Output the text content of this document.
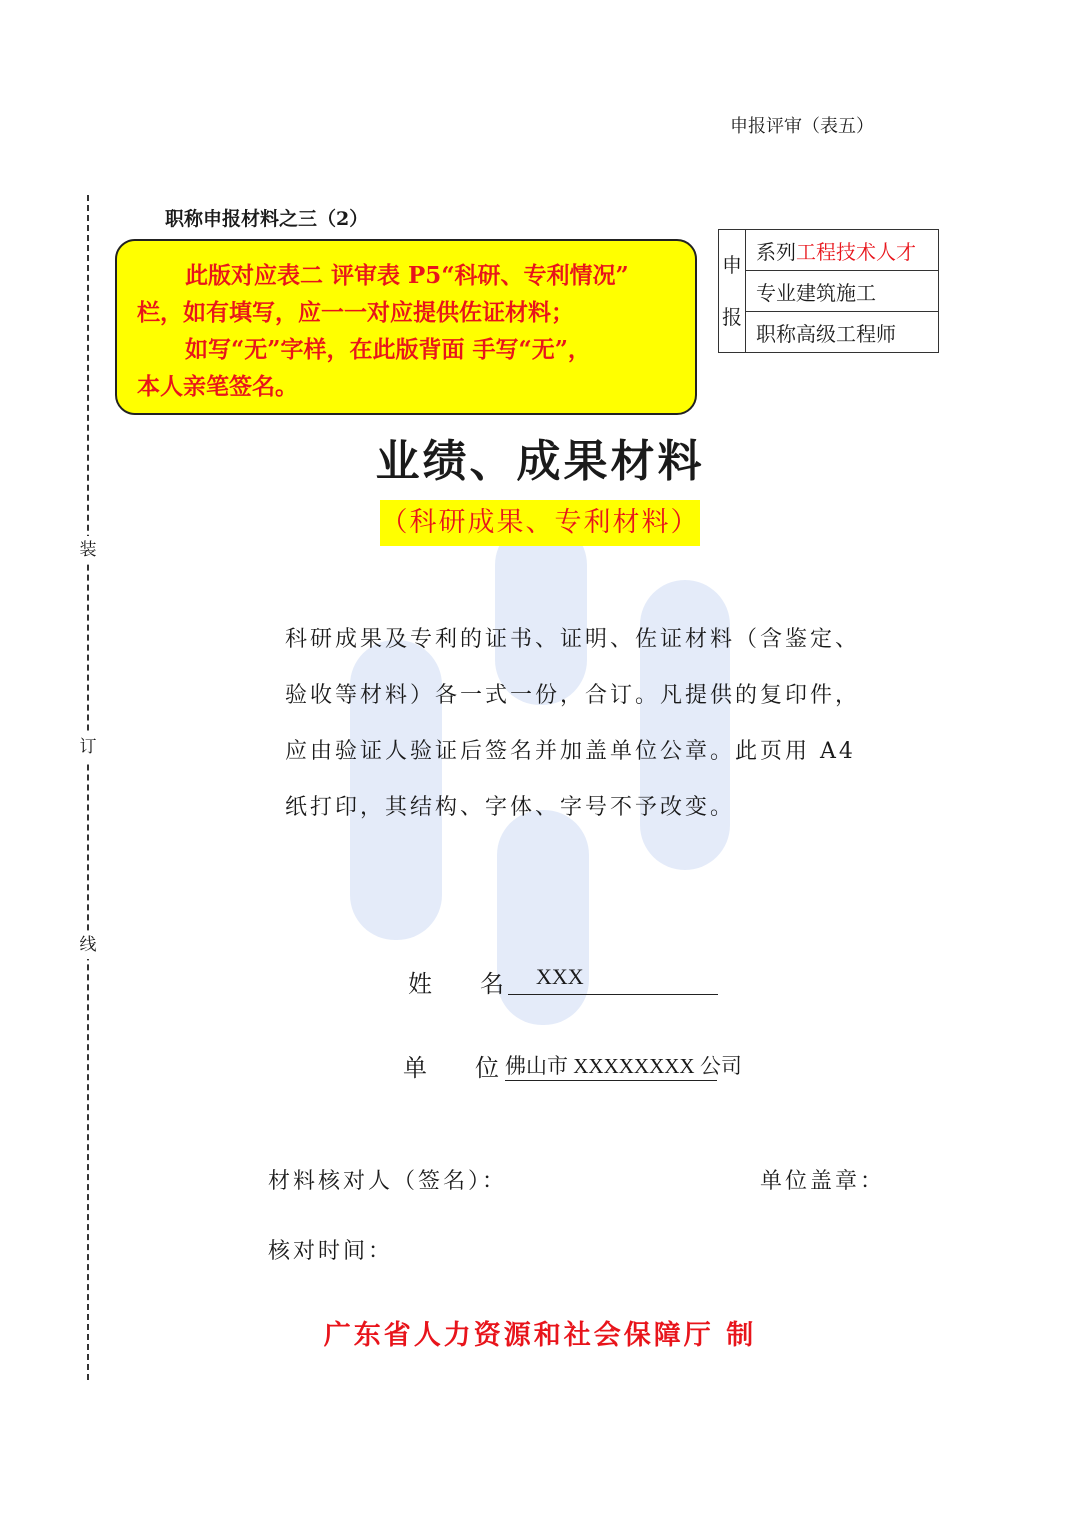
装
订
线
申报评审（表五）
职称申报材料之三（2）
此版对应表二 评审表 P5“科研、专利情况”
栏，如有填写，应一一对应提供佐证材料；
如写“无”字样，在此版背面 手写“无”，
本人亲笔签名。
申
报
	系列工程技术人才
专业建筑施工
职称高级工程师
业绩、成果材料
（科研成果、专利材料）
科研成果及专利的证书、证明、佐证材料（含鉴定、验收等材料）各一式一份，合订。凡提供的复印件，应由验证人验证后签名并加盖单位公章。此页用 A4 纸打印，其结构、字体、字号不予改变。
姓　　名	XXX
单　　位 佛山市 XXXXXXXX 公司
材料核对人（签名）：	单位盖章：
核对时间：
广东省人力资源和社会保障厅 制
